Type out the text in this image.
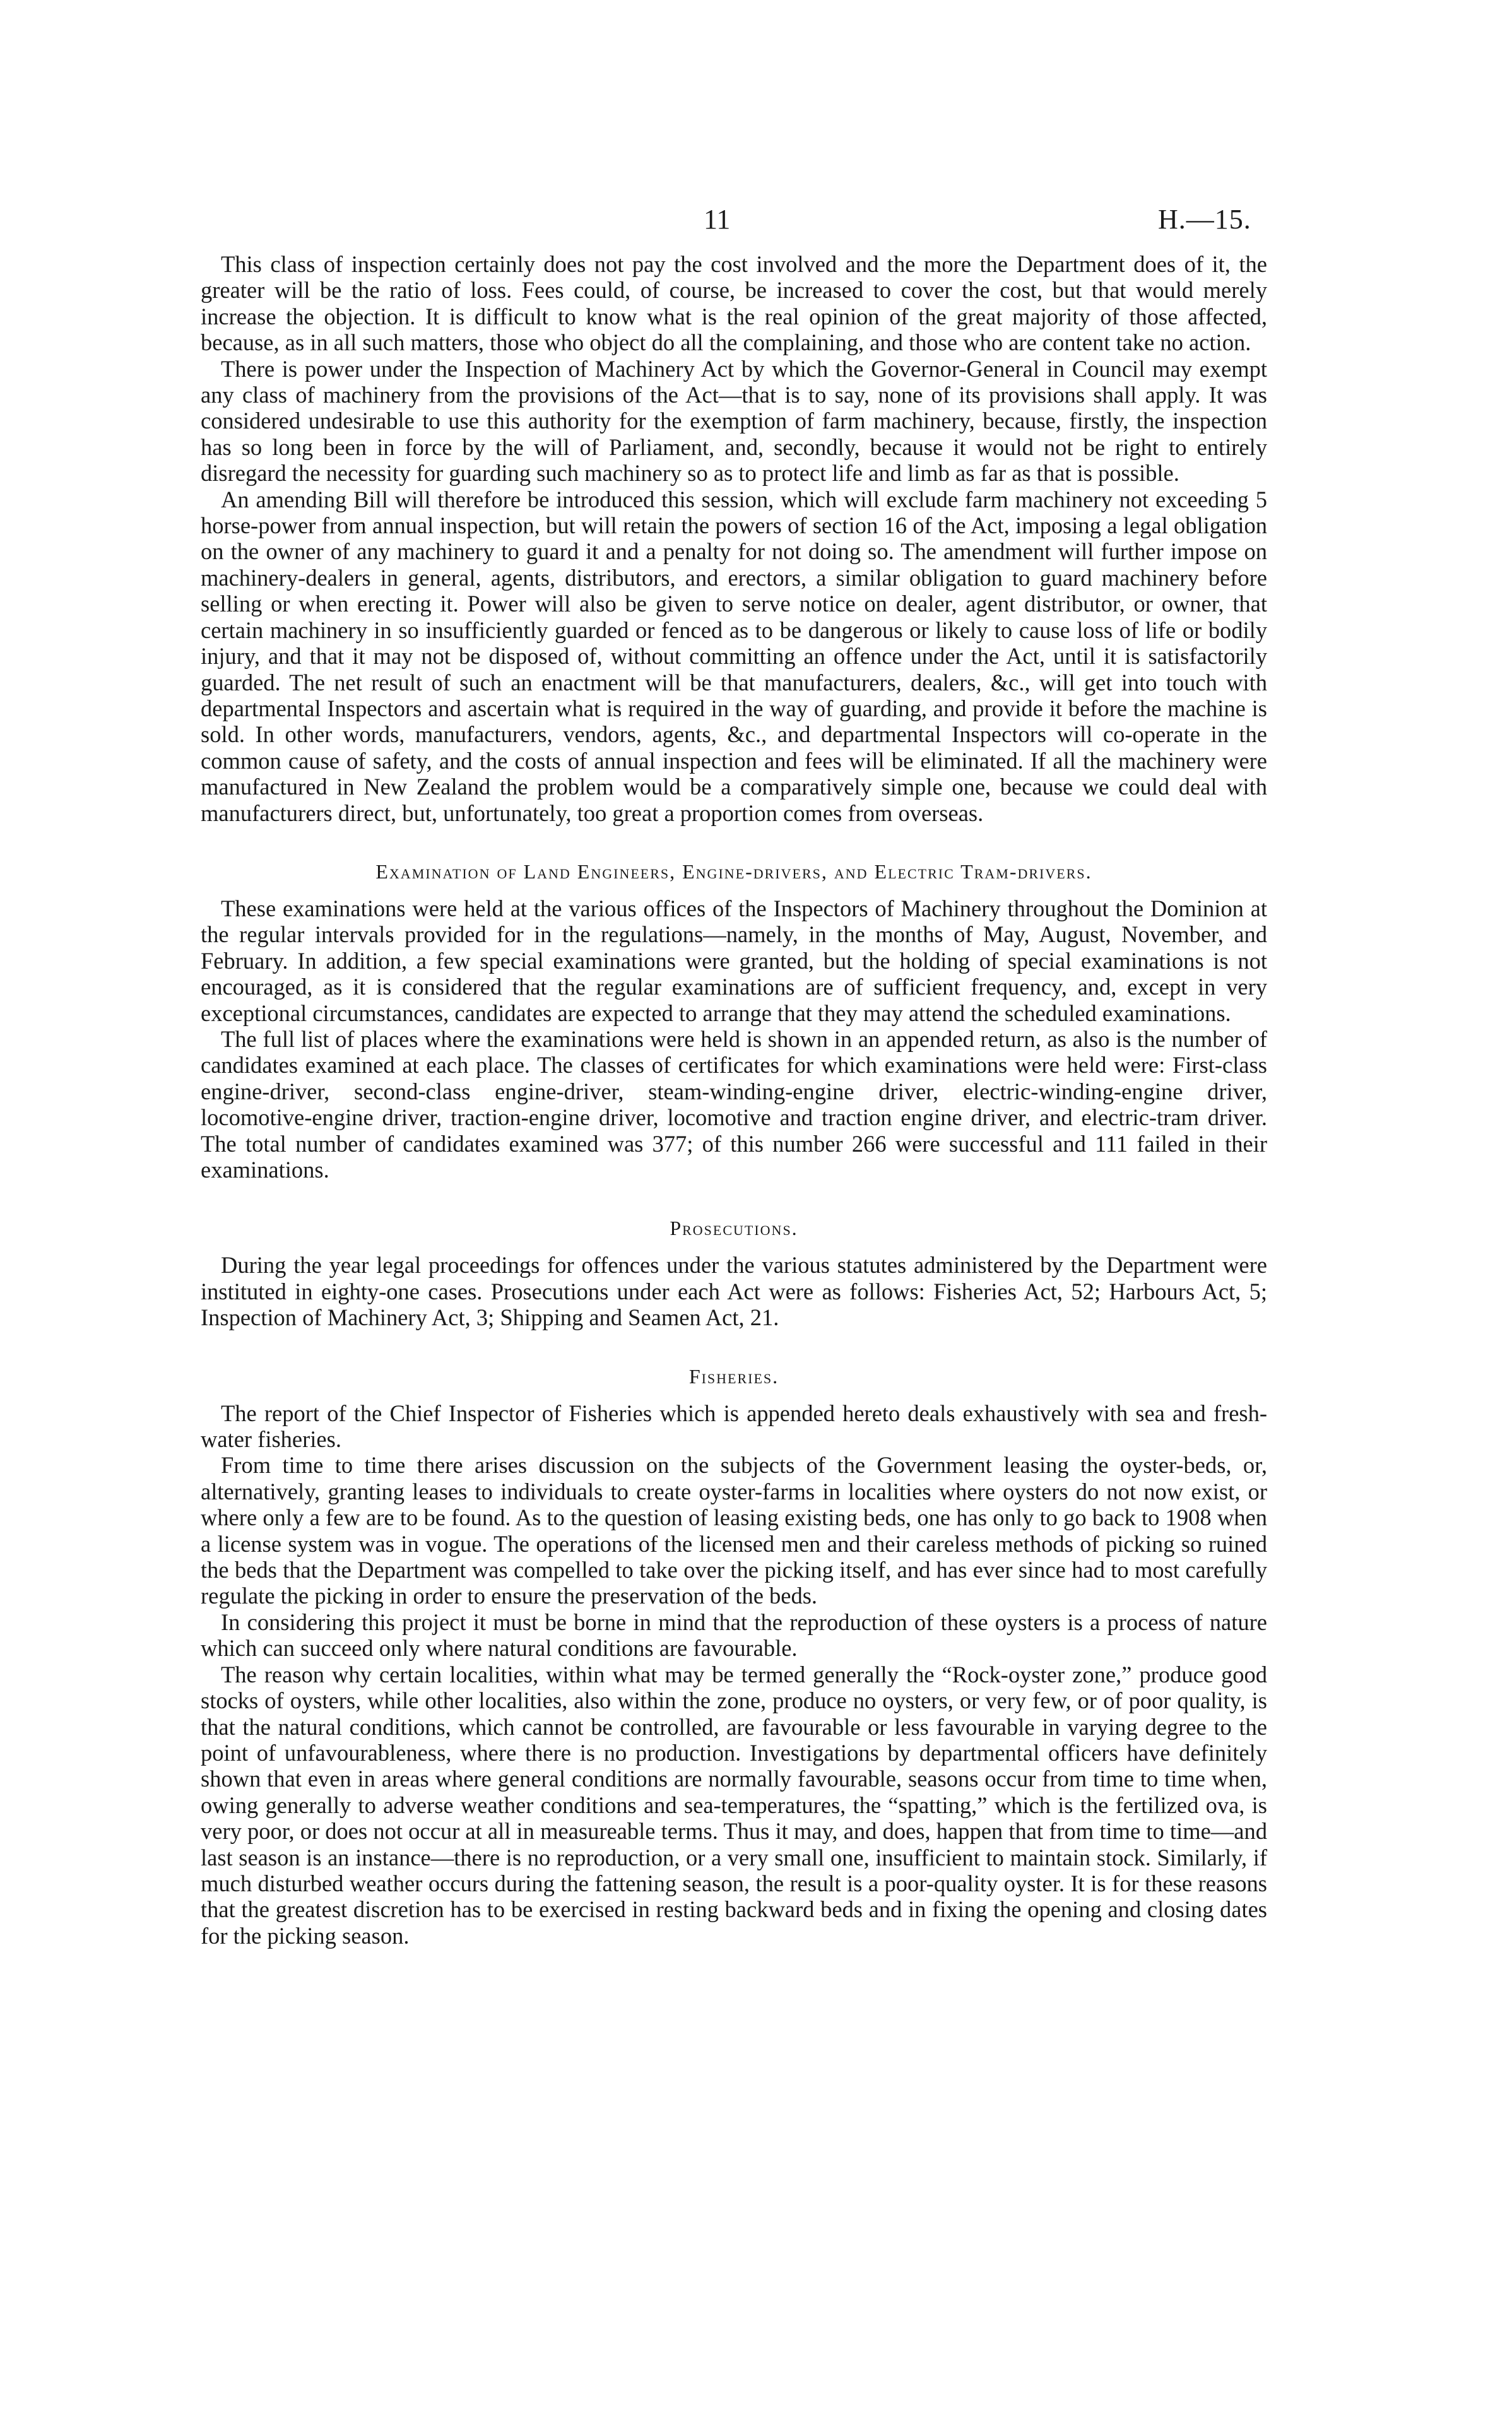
11	H.—15.

This class of inspection certainly does not pay the cost involved and the more the Department does of it, the greater will be the ratio of loss. Fees could, of course, be increased to cover the cost, but that would merely increase the objection. It is difficult to know what is the real opinion of the great majority of those affected, because, as in all such matters, those who object do all the complaining, and those who are content take no action.

There is power under the Inspection of Machinery Act by which the Governor-General in Council may exempt any class of machinery from the provisions of the Act—that is to say, none of its provisions shall apply. It was considered undesirable to use this authority for the exemption of farm machinery, because, firstly, the inspection has so long been in force by the will of Parliament, and, secondly, because it would not be right to entirely disregard the necessity for guarding such machinery so as to protect life and limb as far as that is possible.

An amending Bill will therefore be introduced this session, which will exclude farm machinery not exceeding 5 horse-power from annual inspection, but will retain the powers of section 16 of the Act, imposing a legal obligation on the owner of any machinery to guard it and a penalty for not doing so. The amendment will further impose on machinery-dealers in general, agents, distributors, and erectors, a similar obligation to guard machinery before selling or when erecting it. Power will also be given to serve notice on dealer, agent distributor, or owner, that certain machinery in so insufficiently guarded or fenced as to be dangerous or likely to cause loss of life or bodily injury, and that it may not be disposed of, without committing an offence under the Act, until it is satisfactorily guarded. The net result of such an enactment will be that manufacturers, dealers, &c., will get into touch with departmental Inspectors and ascertain what is required in the way of guarding, and provide it before the machine is sold. In other words, manufacturers, vendors, agents, &c., and departmental Inspectors will co-operate in the common cause of safety, and the costs of annual inspection and fees will be eliminated. If all the machinery were manufactured in New Zealand the problem would be a comparatively simple one, because we could deal with manufacturers direct, but, unfortunately, too great a proportion comes from overseas.

Examination of Land Engineers, Engine-drivers, and Electric Tram-drivers.

These examinations were held at the various offices of the Inspectors of Machinery throughout the Dominion at the regular intervals provided for in the regulations—namely, in the months of May, August, November, and February. In addition, a few special examinations were granted, but the holding of special examinations is not encouraged, as it is considered that the regular examinations are of sufficient frequency, and, except in very exceptional circumstances, candidates are expected to arrange that they may attend the scheduled examinations.

The full list of places where the examinations were held is shown in an appended return, as also is the number of candidates examined at each place. The classes of certificates for which examinations were held were: First-class engine-driver, second-class engine-driver, steam-winding-engine driver, electric-winding-engine driver, locomotive-engine driver, traction-engine driver, locomotive and traction engine driver, and electric-tram driver. The total number of candidates examined was 377; of this number 266 were successful and 111 failed in their examinations.

Prosecutions.

During the year legal proceedings for offences under the various statutes administered by the Department were instituted in eighty-one cases. Prosecutions under each Act were as follows: Fisheries Act, 52; Harbours Act, 5; Inspection of Machinery Act, 3; Shipping and Seamen Act, 21.

Fisheries.

The report of the Chief Inspector of Fisheries which is appended hereto deals exhaustively with sea and fresh-water fisheries.

From time to time there arises discussion on the subjects of the Government leasing the oyster-beds, or, alternatively, granting leases to individuals to create oyster-farms in localities where oysters do not now exist, or where only a few are to be found. As to the question of leasing existing beds, one has only to go back to 1908 when a license system was in vogue. The operations of the licensed men and their careless methods of picking so ruined the beds that the Department was compelled to take over the picking itself, and has ever since had to most carefully regulate the picking in order to ensure the preservation of the beds.

In considering this project it must be borne in mind that the reproduction of these oysters is a process of nature which can succeed only where natural conditions are favourable.

The reason why certain localities, within what may be termed generally the “Rock-oyster zone,” produce good stocks of oysters, while other localities, also within the zone, produce no oysters, or very few, or of poor quality, is that the natural conditions, which cannot be controlled, are favourable or less favourable in varying degree to the point of unfavourableness, where there is no production. Investigations by departmental officers have definitely shown that even in areas where general conditions are normally favourable, seasons occur from time to time when, owing generally to adverse weather conditions and sea-temperatures, the “spatting,” which is the fertilized ova, is very poor, or does not occur at all in measureable terms. Thus it may, and does, happen that from time to time—and last season is an instance—there is no reproduction, or a very small one, insufficient to maintain stock. Similarly, if much disturbed weather occurs during the fattening season, the result is a poor-quality oyster. It is for these reasons that the greatest discretion has to be exercised in resting backward beds and in fixing the opening and closing dates for the picking season.
